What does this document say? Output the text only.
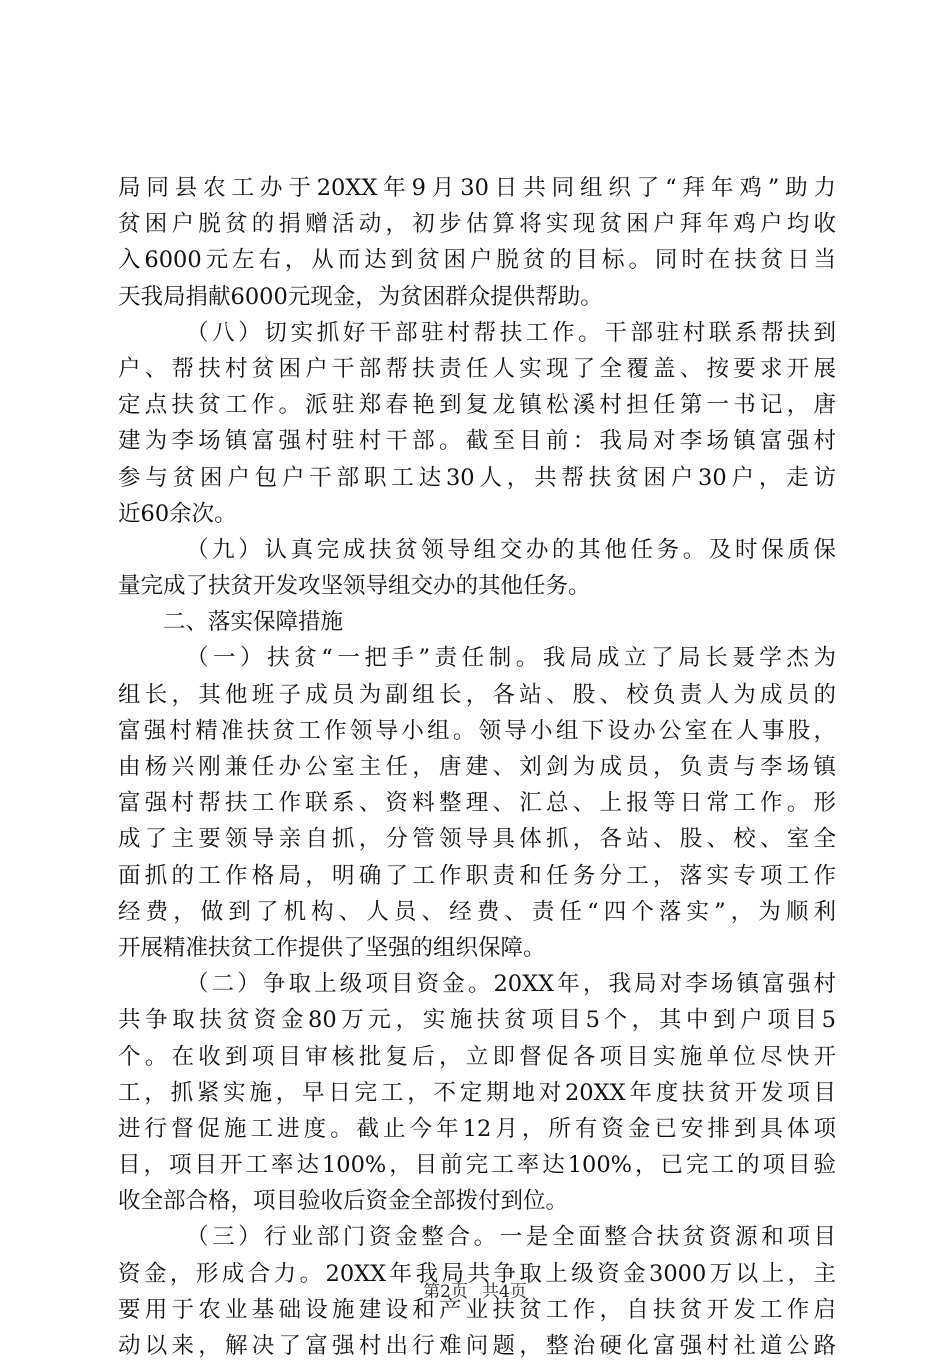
局同县农工办于20XX年9月30日共同组织了“拜年鸡”助力
贫困户脱贫的捐赠活动，初步估算将实现贫困户拜年鸡户均收
入6000元左右，从而达到贫困户脱贫的目标。同时在扶贫日当
天我局捐献6000元现金，为贫困群众提供帮助。
（八）切实抓好干部驻村帮扶工作。干部驻村联系帮扶到
户、帮扶村贫困户干部帮扶责任人实现了全覆盖、按要求开展
定点扶贫工作。派驻郑春艳到复龙镇松溪村担任第一书记，唐
建为李场镇富强村驻村干部。截至目前：我局对李场镇富强村
参与贫困户包户干部职工达30人，共帮扶贫困户30户，走访
近60余次。
（九）认真完成扶贫领导组交办的其他任务。及时保质保
量完成了扶贫开发攻坚领导组交办的其他任务。
二、落实保障措施
（一）扶贫“一把手”责任制。我局成立了局长聂学杰为
组长，其他班子成员为副组长，各站、股、校负责人为成员的
富强村精准扶贫工作领导小组。领导小组下设办公室在人事股，
由杨兴刚兼任办公室主任，唐建、刘剑为成员，负责与李场镇
富强村帮扶工作联系、资料整理、汇总、上报等日常工作。形
成了主要领导亲自抓，分管领导具体抓，各站、股、校、室全
面抓的工作格局，明确了工作职责和任务分工，落实专项工作
经费，做到了机构、人员、经费、责任“四个落实”，为顺利
开展精准扶贫工作提供了坚强的组织保障。
（二）争取上级项目资金。20XX年，我局对李场镇富强村
共争取扶贫资金80万元，实施扶贫项目5个，其中到户项目5
个。在收到项目审核批复后，立即督促各项目实施单位尽快开
工，抓紧实施，早日完工，不定期地对20XX年度扶贫开发项目
进行督促施工进度。截止今年12月，所有资金已安排到具体项
目，项目开工率达100%，目前完工率达100%，已完工的项目验
收全部合格，项目验收后资金全部拨付到位。
（三）行业部门资金整合。一是全面整合扶贫资源和项目
资金，形成合力。20XX年我局共争取上级资金3000万以上，主
要用于农业基础设施建设和产业扶贫工作，自扶贫开发工作启
动以来，解决了富强村出行难问题，整治硬化富强村社道公路
第2页 共4页
